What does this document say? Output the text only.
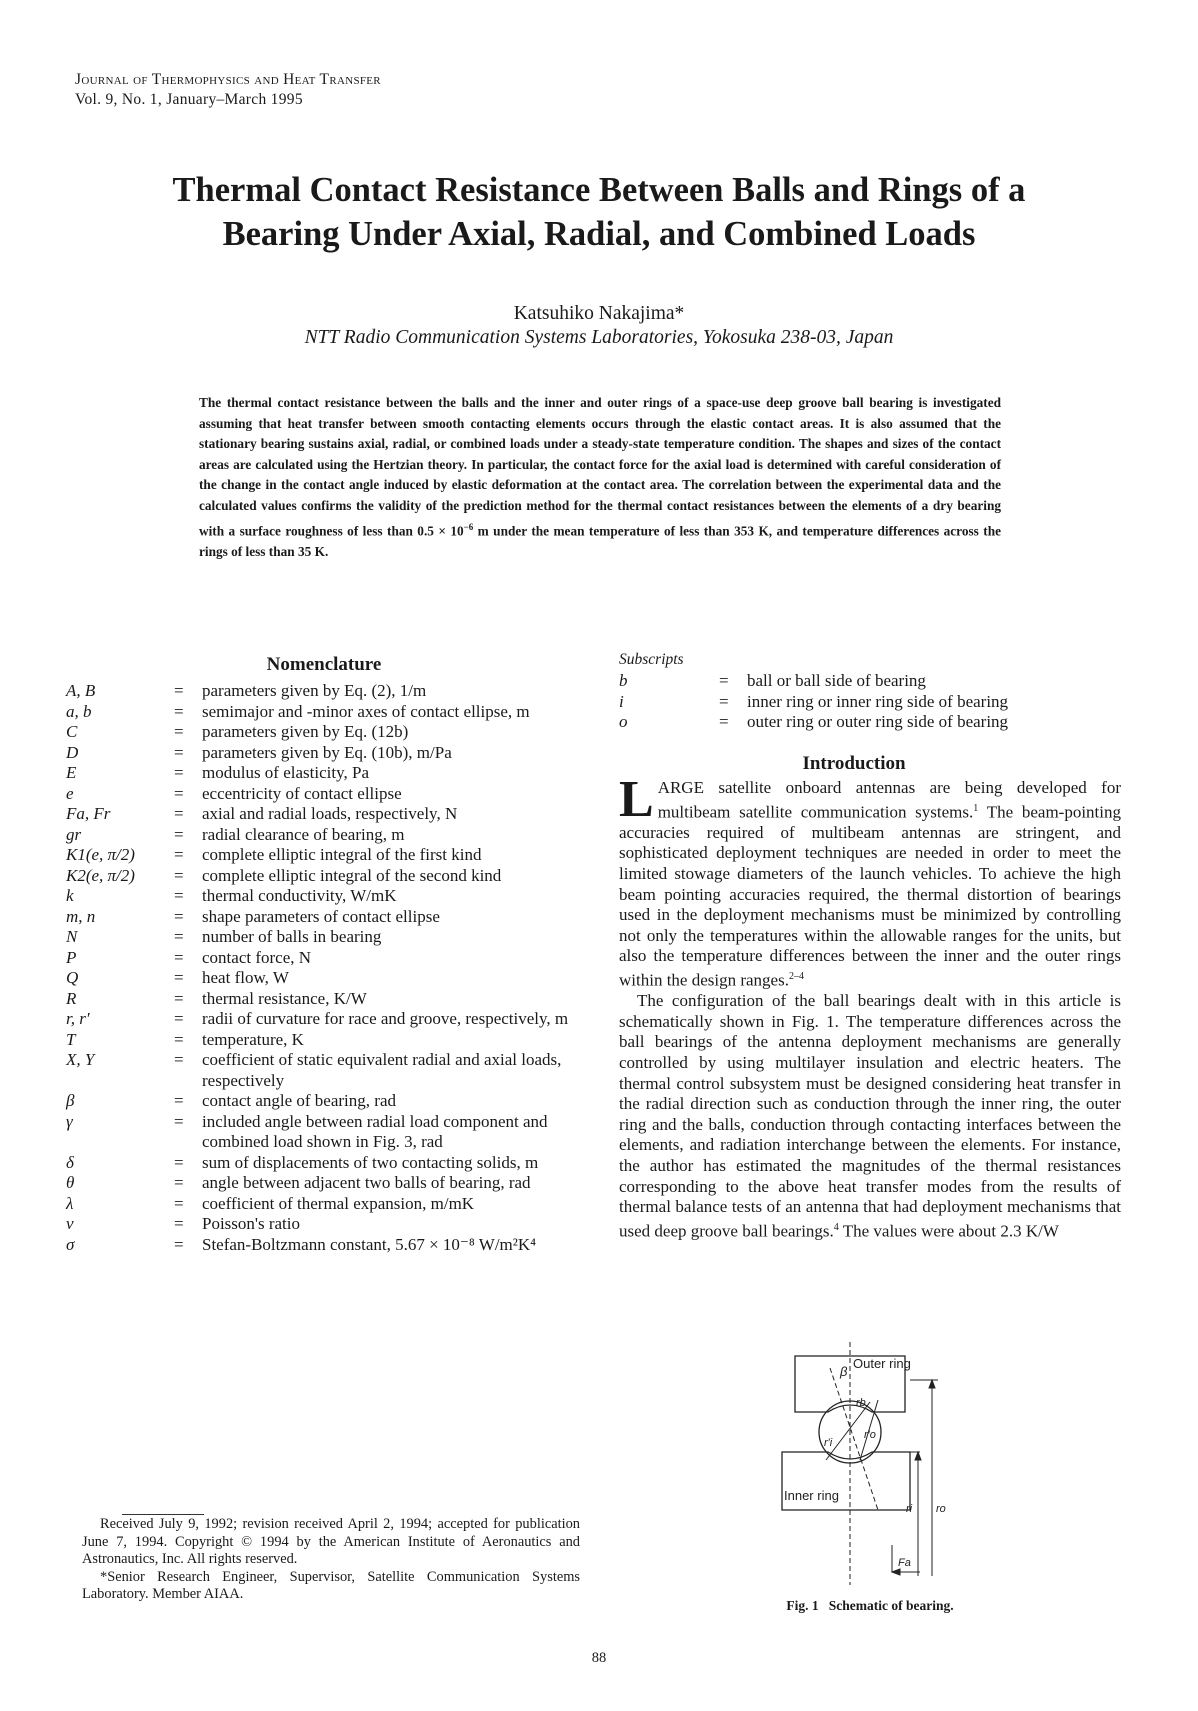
Journal of Thermophysics and Heat Transfer
Vol. 9, No. 1, January–March 1995
Thermal Contact Resistance Between Balls and Rings of a
Bearing Under Axial, Radial, and Combined Loads
Katsuhiko Nakajima*
NTT Radio Communication Systems Laboratories, Yokosuka 238-03, Japan
The thermal contact resistance between the balls and the inner and outer rings of a space-use deep groove ball bearing is investigated assuming that heat transfer between smooth contacting elements occurs through the elastic contact areas. It is also assumed that the stationary bearing sustains axial, radial, or combined loads under a steady-state temperature condition. The shapes and sizes of the contact areas are calculated using the Hertzian theory. In particular, the contact force for the axial load is determined with careful consideration of the change in the contact angle induced by elastic deformation at the contact area. The correlation between the experimental data and the calculated values confirms the validity of the prediction method for the thermal contact resistances between the elements of a dry bearing with a surface roughness of less than $0.5 \times 10^{-6}$ m under the mean temperature of less than 353 K, and temperature differences across the rings of less than 35 K.
Nomenclature
A, B	=	parameters given by Eq. (2), 1/m
a, b	=	semimajor and -minor axes of contact ellipse, m
C	=	parameters given by Eq. (12b)
D	=	parameters given by Eq. (10b), m/Pa
E	=	modulus of elasticity, Pa
e	=	eccentricity of contact ellipse
Fa, Fr	=	axial and radial loads, respectively, N
gr	=	radial clearance of bearing, m
K1(e, π/2)	=	complete elliptic integral of the first kind
K2(e, π/2)	=	complete elliptic integral of the second kind
k	=	thermal conductivity, W/mK
m, n	=	shape parameters of contact ellipse
N	=	number of balls in bearing
P	=	contact force, N
Q	=	heat flow, W
R	=	thermal resistance, K/W
r, r′	=	radii of curvature for race and groove, respectively, m
T	=	temperature, K
X, Y	=	coefficient of static equivalent radial and axial loads, respectively
β	=	contact angle of bearing, rad
γ	=	included angle between radial load component and combined load shown in Fig. 3, rad
δ	=	sum of displacements of two contacting solids, m
θ	=	angle between adjacent two balls of bearing, rad
λ	=	coefficient of thermal expansion, m/mK
ν	=	Poisson's ratio
σ	=	Stefan-Boltzmann constant, 5.67 × 10⁻⁸ W/m²K⁴
Subscripts
b	=	ball or ball side of bearing
i	=	inner ring or inner ring side of bearing
o	=	outer ring or outer ring side of bearing
Introduction

LARGE satellite onboard antennas are being developed for multibeam satellite communication systems.$^1$ The beam-pointing accuracies required of multibeam antennas are stringent, and sophisticated deployment techniques are needed in order to meet the limited stowage diameters of the launch vehicles. To achieve the high beam pointing accuracies required, the thermal distortion of bearings used in the deployment mechanisms must be minimized by controlling not only the temperatures within the allowable ranges for the units, but also the temperature differences between the inner and the outer rings within the design ranges.$^{2-4}$

The configuration of the ball bearings dealt with in this article is schematically shown in Fig. 1. The temperature differences across the ball bearings of the antenna deployment mechanisms are generally controlled by using multilayer insulation and electric heaters. The thermal control subsystem must be designed considering heat transfer in the radial direction such as conduction through the inner ring, the outer ring and the balls, conduction through contacting interfaces between the elements, and radiation interchange between the elements. For instance, the author has estimated the magnitudes of the thermal resistances corresponding to the above heat transfer modes from the results of thermal balance tests of an antenna that had deployment mechanisms that used deep groove ball bearings.$^4$ The values were about 2.3 K/W

Outer ring
Inner ring
β
rb
r′i
r′o
ri ro
Fa
Fig. 1 Schematic of bearing.

Received July 9, 1992; revision received April 2, 1994; accepted for publication June 7, 1994. Copyright © 1994 by the American Institute of Aeronautics and Astronautics, Inc. All rights reserved.

*Senior Research Engineer, Supervisor, Satellite Communication Systems Laboratory. Member AIAA.

88
